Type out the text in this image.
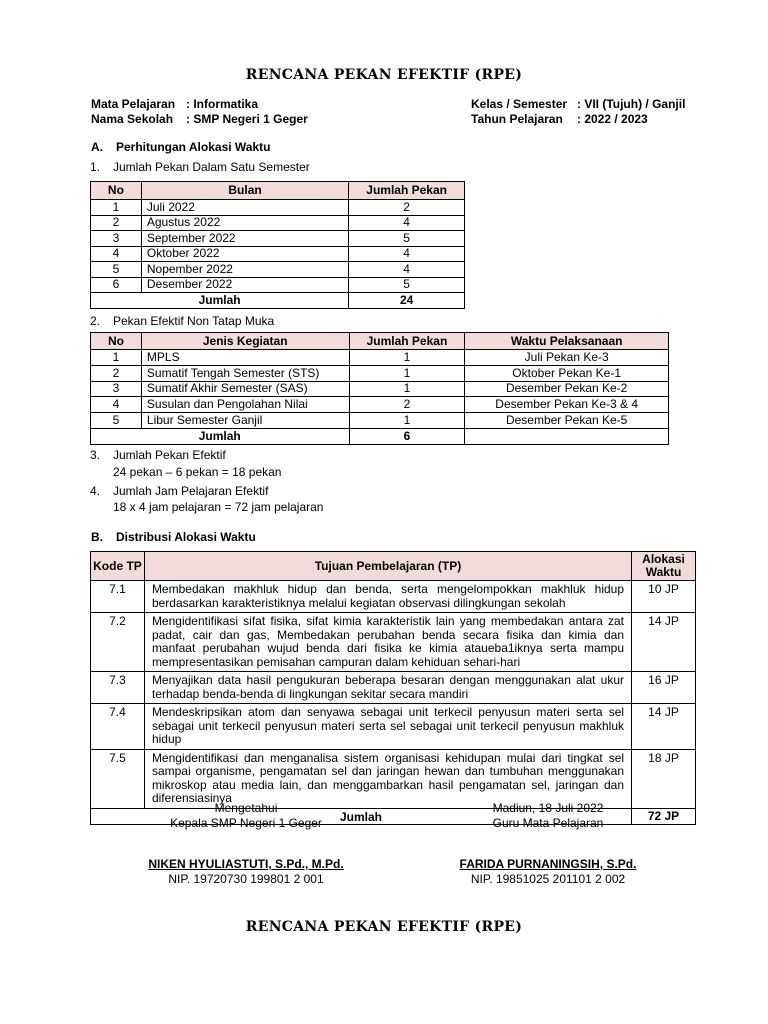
RENCANA PEKAN EFEKTIF (RPE)
Mata Pelajaran : Informatika
Nama Sekolah : SMP Negeri 1 Geger
Kelas / Semester : VII (Tujuh) / Ganjil
Tahun Pelajaran : 2022 / 2023
A. Perhitungan Alokasi Waktu
1. Jumlah Pekan Dalam Satu Semester
No	Bulan	Jumlah Pekan
1	Juli 2022	2
2	Agustus 2022	4
3	September 2022	5
4	Oktober 2022	4
5	Nopember 2022	4
6	Desember 2022	5
Jumlah		24
2. Pekan Efektif Non Tatap Muka
No	Jenis Kegiatan	Jumlah Pekan	Waktu Pelaksanaan
1	MPLS	1	Juli Pekan Ke-3
2	Sumatif Tengah Semester (STS)	1	Oktober Pekan Ke-1
3	Sumatif Akhir Semester (SAS)	1	Desember Pekan Ke-2
4	Susulan dan Pengolahan Nilai	2	Desember Pekan Ke-3 & 4
5	Libur Semester Ganjil	1	Desember Pekan Ke-5
Jumlah		6	
3. Jumlah Pekan Efektif
24 pekan – 6 pekan = 18 pekan
4. Jumlah Jam Pelajaran Efektif
18 x 4 jam pelajaran = 72 jam pelajaran
B. Distribusi Alokasi Waktu
Kode TP	Tujuan Pembelajaran (TP)	Alokasi Waktu
7.1	Membedakan makhluk hidup dan benda, serta mengelompokkan makhluk hidup berdasarkan karakteristiknya melalui kegiatan observasi dilingkungan sekolah	10 JP
7.2	Mengidentifikasi sifat fisika, sifat kimia karakteristik lain yang membedakan antara zat padat, cair dan gas, Membedakan perubahan benda secara fisika dan kimia dan manfaat perubahan wujud benda dari fisika ke kimia ataueba1iknya serta mampu mempresentasikan pemisahan campuran dalam kehiduan sehari-hari	14 JP
7.3	Menyajikan data hasil pengukuran beberapa besaran dengan menggunakan alat ukur terhadap benda-benda di lingkungan sekitar secara mandiri	16 JP
7.4	Mendeskripsikan atom dan senyawa sebagai unit terkecil penyusun materi serta sel sebagai unit terkecil penyusun materi serta sel sebagai unit terkecil penyusun makhluk hidup	14 JP
7.5	Mengidentifikasi dan menganalisa sistem organisasi kehidupan mulai dari tingkat sel sampai organisme, pengamatan sel dan jaringan hewan dan tumbuhan menggunakan mikroskop atau media lain, dan menggambarkan hasil pengamatan sel, jaringan dan diferensiasinya	18 JP
Jumlah		72 JP
Mengetahui
Kepala SMP Negeri 1 Geger
NIKEN HYULIASTUTI, S.Pd., M.Pd.
NIP. 19720730 199801 2 001
Madiun, 18 Juli 2022
Guru Mata Pelajaran
FARIDA PURNANINGSIH, S.Pd.
NIP. 19851025 201101 2 002
RENCANA PEKAN EFEKTIF (RPE)
